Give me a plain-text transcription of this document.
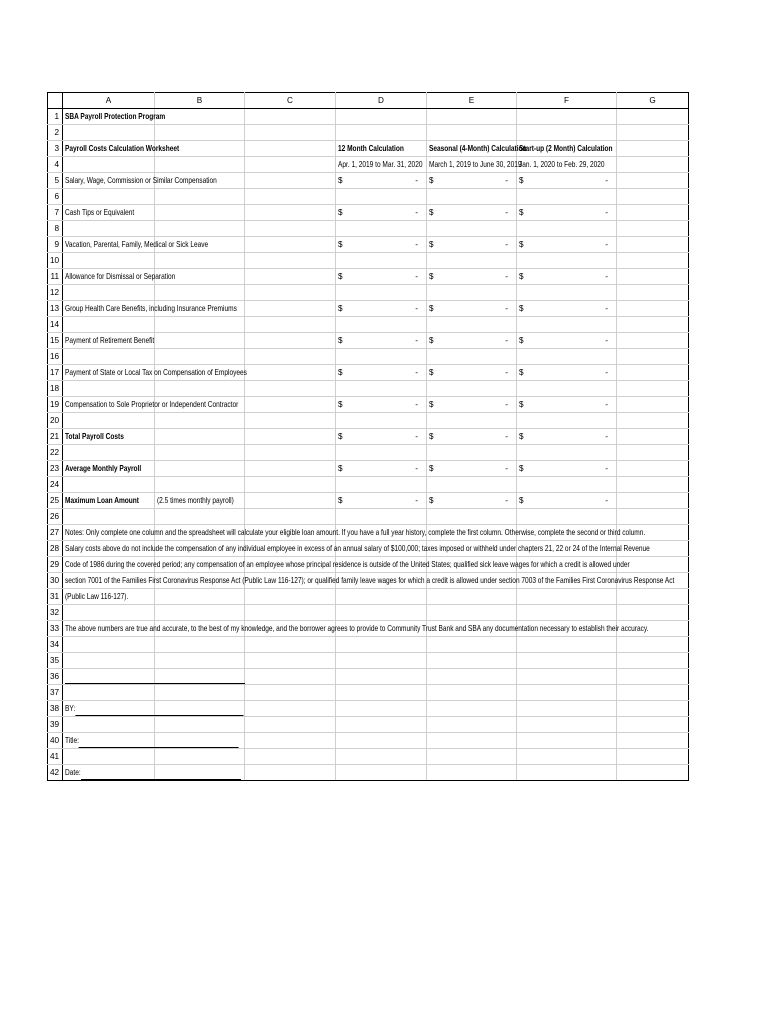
	A	B	C	D	E	F	G
1	SBA Payroll Protection Program						
2							
3	Payroll Costs Calculation Worksheet			12 Month Calculation	Seasonal (4-Month) Calculation	Start-up (2 Month) Calculation	
4				Apr. 1, 2019 to Mar. 31, 2020	March 1, 2019 to June 30, 2019	Jan. 1, 2020 to Feb. 29, 2020	
5	Salary, Wage, Commission or Similar Compensation			$ -	$ -	$ -	

6							
7	Cash Tips or Equivalent			$ -	$ -	$ -	

8							
9	Vacation, Parental, Family, Medical or Sick Leave			$ -	$ -	$ -	

10							
11	Allowance for Dismissal or Separation			$ -	$ -	$ -	

12							
13	Group Health Care Benefits, including Insurance Premiums			$ -	$ -	$ -	

14							
15	Payment of Retirement Benefit			$ -	$ -	$ -	

16							
17	Payment of State or Local Tax on Compensation of Employees			$ -	$ -	$ -	

18							
19	Compensation to Sole Proprietor or Independent Contractor			$ -	$ -	$ -	

20							
21	Total Payroll Costs			$ -	$ -	$ -	

22							
23	Average Monthly Payroll			$ -	$ -	$ -	

24							
25	Maximum Loan Amount	(2.5 times monthly payroll)		$ -	$ -	$ -	

26							
27	Notes: Only complete one column and the spreadsheet will calculate your eligible loan amount. If you have a full year history, complete the first column. Otherwise, complete the second or third column.						
28	Salary costs above do not include the compensation of any individual employee in excess of an annual salary of $100,000; taxes imposed or withheld under chapters 21, 22 or 24 of the Internal Revenue						
29	Code of 1986 during the covered period; any compensation of an employee whose principal residence is outside of the United States; qualified sick leave wages for which a credit is allowed under						
30	section 7001 of the Families First Coronavirus Response Act (Public Law 116-127); or qualified family leave wages for which a credit is allowed under section 7003 of the Families First Coronavirus Response Act						
31	(Public Law 116-127).						
32							
33	The above numbers are true and accurate, to the best of my knowledge, and the borrower agrees to provide to Community Trust Bank and SBA any documentation necessary to establish their accuracy.						
34							
35							
36							
37							
38	BY:						
39							
40	Title:						
41							
42	Date:						
